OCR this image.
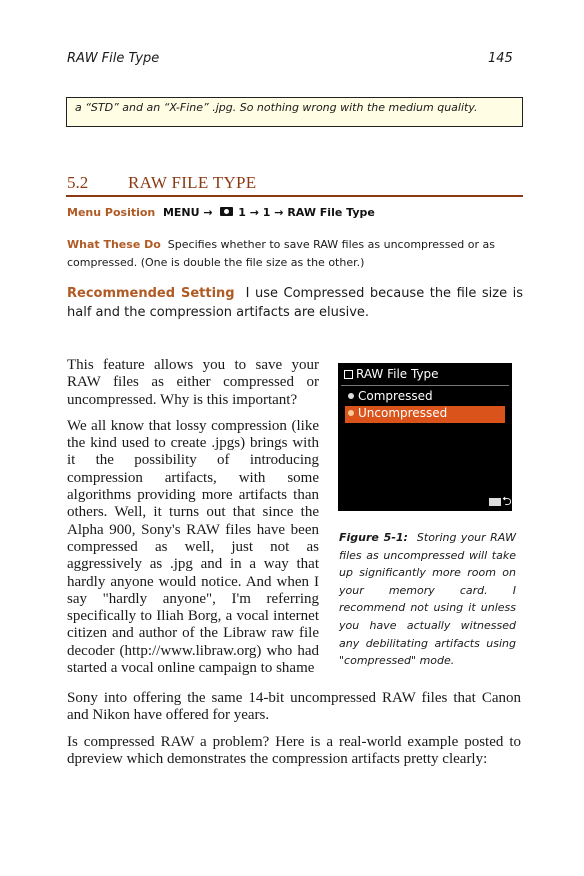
RAW File Type	145
a “STD” and an “X-Fine” .jpg. So nothing wrong with the medium quality.
5.2 RAW FILE TYPE
Menu Position MENU → 1 → 1 → RAW File Type
What These Do Specifies whether to save RAW files as uncompressed or as compressed. (One is double the file size as the other.)
Recommended Setting I use Compressed because the file size is half and the compression artifacts are elusive.

This feature allows you to save your RAW files as either compressed or uncompressed. Why is this important?

We all know that lossy compression (like the kind used to create .jpgs) brings with it the possibility of introducing compression artifacts, with some algorithms providing more artifacts than others. Well, it turns out that since the Alpha 900, Sony's RAW files have been compressed as well, just not as aggressively as .jpg and in a way that hardly anyone would notice. And when I say "hardly anyone", I'm referring specifically to Iliah Borg, a vocal internet citizen and author of the Libraw raw file decoder (http://www.libraw.org) who had started a vocal online campaign to shame

Sony into offering the same 14-bit uncompressed RAW files that Canon and Nikon have offered for years.
Is compressed RAW a problem? Here is a real-world example posted to dpreview which demonstrates the compression artifacts pretty clearly:
RAW File Type
Compressed
Uncompressed
⮌
Figure 5-1: Storing your RAW files as uncompressed will take up significantly more room on your memory card. I recommend not using it unless you have actually witnessed any debilitating artifacts using "compressed" mode.
